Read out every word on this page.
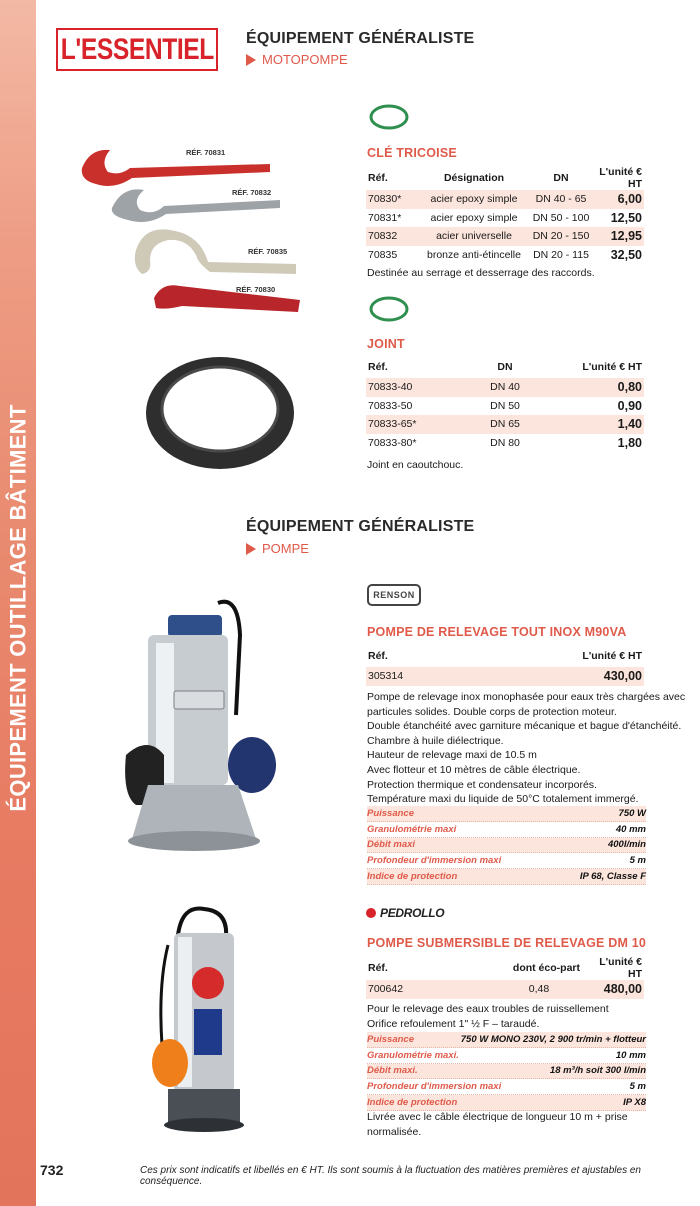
ÉQUIPEMENT OUTILLAGE BÂTIMENT
L'ESSENTIEL ÉQUIPEMENT GÉNÉRALISTE
MOTOPOMPE
RÉF. 70831
RÉF. 70832
RÉF. 70835
RÉF. 70830
CLÉ TRICOISE
Réf.	Désignation	DN	L'unité € HT
70830*	acier epoxy simple	DN 40 - 65	6,00
70831*	acier epoxy simple	DN 50 - 100	12,50
70832	acier universelle	DN 20 - 150	12,95
70835	bronze anti-étincelle	DN 20 - 115	32,50
Destinée au serrage et desserrage des raccords.
JOINT
Réf.	DN	L'unité € HT
70833-40	DN 40	0,80
70833-50	DN 50	0,90
70833-65*	DN 65	1,40
70833-80*	DN 80	1,80
Joint en caoutchouc.
ÉQUIPEMENT GÉNÉRALISTE
POMPE
RENSON
POMPE DE RELEVAGE TOUT INOX M90VA
Réf.	L'unité € HT
305314	430,00
Pompe de relevage inox monophasée pour eaux très chargées avec
particules solides. Double corps de protection moteur.
Double étanchéité avec garniture mécanique et bague d'étanchéité.
Chambre à huile diélectrique.
Hauteur de relevage maxi de 10.5 m
Avec flotteur et 10 mètres de câble électrique.
Protection thermique et condensateur incorporés.
Température maxi du liquide de 50°C totalement immergé.
Puissance	750 W
Granulométrie maxi	40 mm
Débit maxi	400l/min
Profondeur d'immersion maxi	5 m
Indice de protection	IP 68, Classe F
PEDROLLO
POMPE SUBMERSIBLE DE RELEVAGE DM 10
Réf.	dont éco-part	L'unité € HT
700642	0,48	480,00
Pour le relevage des eaux troubles de ruissellement
Orifice refoulement 1" ½ F – taraudé.
Puissance	750 W MONO 230V, 2 900 tr/min + flotteur
Granulométrie maxi.	10 mm
Débit maxi.	18 m³/h soit 300 l/min
Profondeur d'immersion maxi	5 m
Indice de protection	IP X8
Livrée avec le câble électrique de longueur 10 m + prise
normalisée.
732	Ces prix sont indicatifs et libellés en € HT. Ils sont soumis à la fluctuation des matières premières et ajustables en conséquence.
